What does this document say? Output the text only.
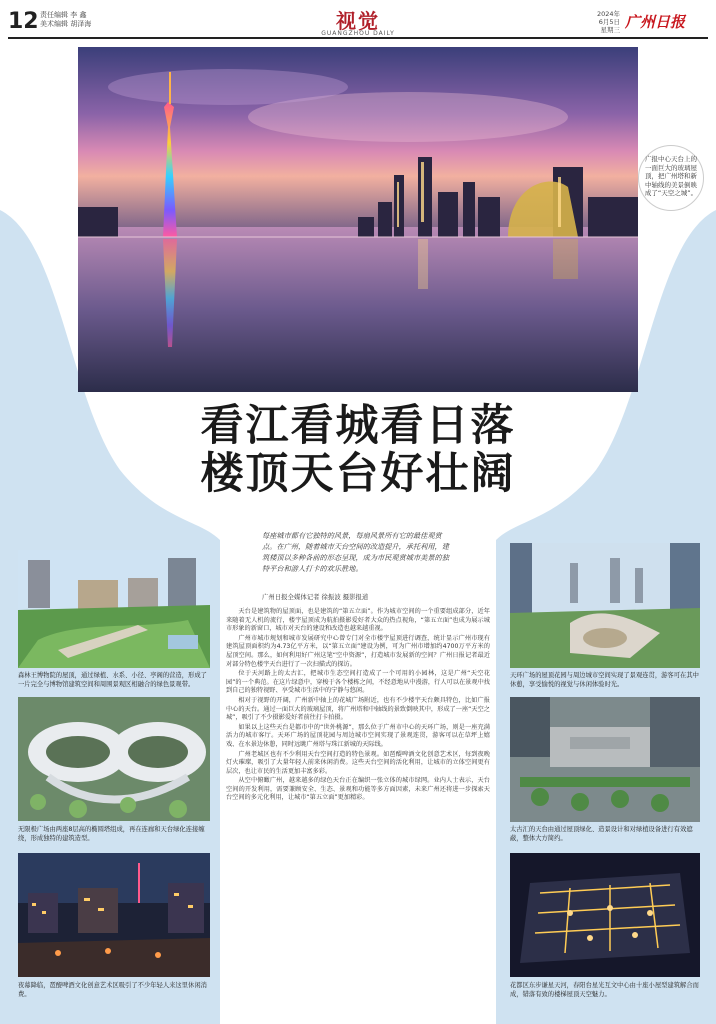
12 责任编辑 李 鑫
美术编辑 胡泽海	视觉
GUANGZHOU DAILY
2024年
6月5日
星期三 广州日报
广报中心天台上的一面巨大的玻璃屋顶，把广州塔和新中轴线的美景倒映成了“天空之城”。
看江看城看日落
楼顶天台好壮阔
森林王博物院的屋顶，通过绿植、水系、小径、亭阁的营造，形成了一片完全与博物馆建筑空间和周围景观区相融合的绿色景观带。
无限极广场由两座8层高的椭圆塔组成，再在连廊和天台绿化连接缠绕，形成独特的建筑造型。
夜幕降临，琶醍啤酒文化创意艺术区吸引了不少年轻人来这里休闲消费。
天环广场的屋顶花园与周边城市空间实现了景观连贯，游客可在其中休憩，享受愉悦的视觉与休闲体验时光。
太古汇的天台由通过屋顶绿化、造景设计和对绿植设备进行有效遮蔽，整体大方简约。
花都区东步谦星天河，春阳台星光互文中心由十座小屋型建筑解合而成，错落有致的楼梯屋顶天空魅力。
每座城市都有它独特的风景，每扇风景所有它的最佳观赏点。在广州，随着城市天台空间的改造提升，承托利用，建筑楼顶以多种各前的形态呈现，成为市民观赏城市美景的独特平台和游人打卡的欢乐胜地。
广州日报全媒体记者 徐振波 摄影报道

天台是建筑物的屋顶面，也是建筑的“第五立面”。作为城市空间的一个重要组成部分，近年来随着无人机的流行，楼宇屋顶成为航拍摄影爱好者大众的热点视角，“第五立面”也成为展示城市形象的新窗口，城市对天台的建设和改造也越来越重视。

广州市城市规划和城市发展研究中心曾专门对全市楼宇屋顶进行调查，统计显示广州市现有建筑屋顶面积约为4.73亿平方米，以“第五立面”建设为例，可为广州市增加约4700万平方米的屋顶空间。那么，如何利用好广州这笔“空中资源”，打造城市发展新的空间？广州日报记者最近对部分特色楼宇天台进行了一次扫描式的探访。

位于天河路上的太古汇，把城市生态空间打造成了一个可用的小园林，这是广州“天空花园”的一个典范。在这片绿意中，穿梭于各个楼栋之间，不经意地从中漫游，行人可以在景观中找到自己的独特视野、享受城市生活中的宁静与悠闲。

相对于视野的开阔，广州新中轴上的花城广场附近，也有不少楼宇天台颇具特色，比如广报中心的天台。通过一面巨大的玻璃屋顶，将广州塔和中轴线的景致倒映其中，形成了一座“天空之城”，吸引了不少摄影爱好者前往打卡拍摄。

如果以上这些天台是都市中的“世外桃源”，那么位于广州市中心的天环广场，则是一座充满活力的城市客厅。天环广场的屋顶花园与周边城市空间实现了景观连贯，游客可以在草坪上嬉戏、在水景边休憩，同时远眺广州塔与珠江新城的天际线。

广州老城区也有不少利用天台空间打造的特色景观。如琶醍啤酒文化创意艺术区，每到夜晚灯火璀璨，吸引了大量年轻人前来休闲消费。这些天台空间的活化利用，让城市的立体空间更有层次，也让市民的生活更加丰富多彩。

从空中俯瞰广州，越来越多的绿色天台正在编织一张立体的城市绿网。业内人士表示，天台空间的开发利用，需要兼顾安全、生态、景观和功能等多方面因素，未来广州还将进一步探索天台空间的多元化利用，让城市“第五立面”更加精彩。
